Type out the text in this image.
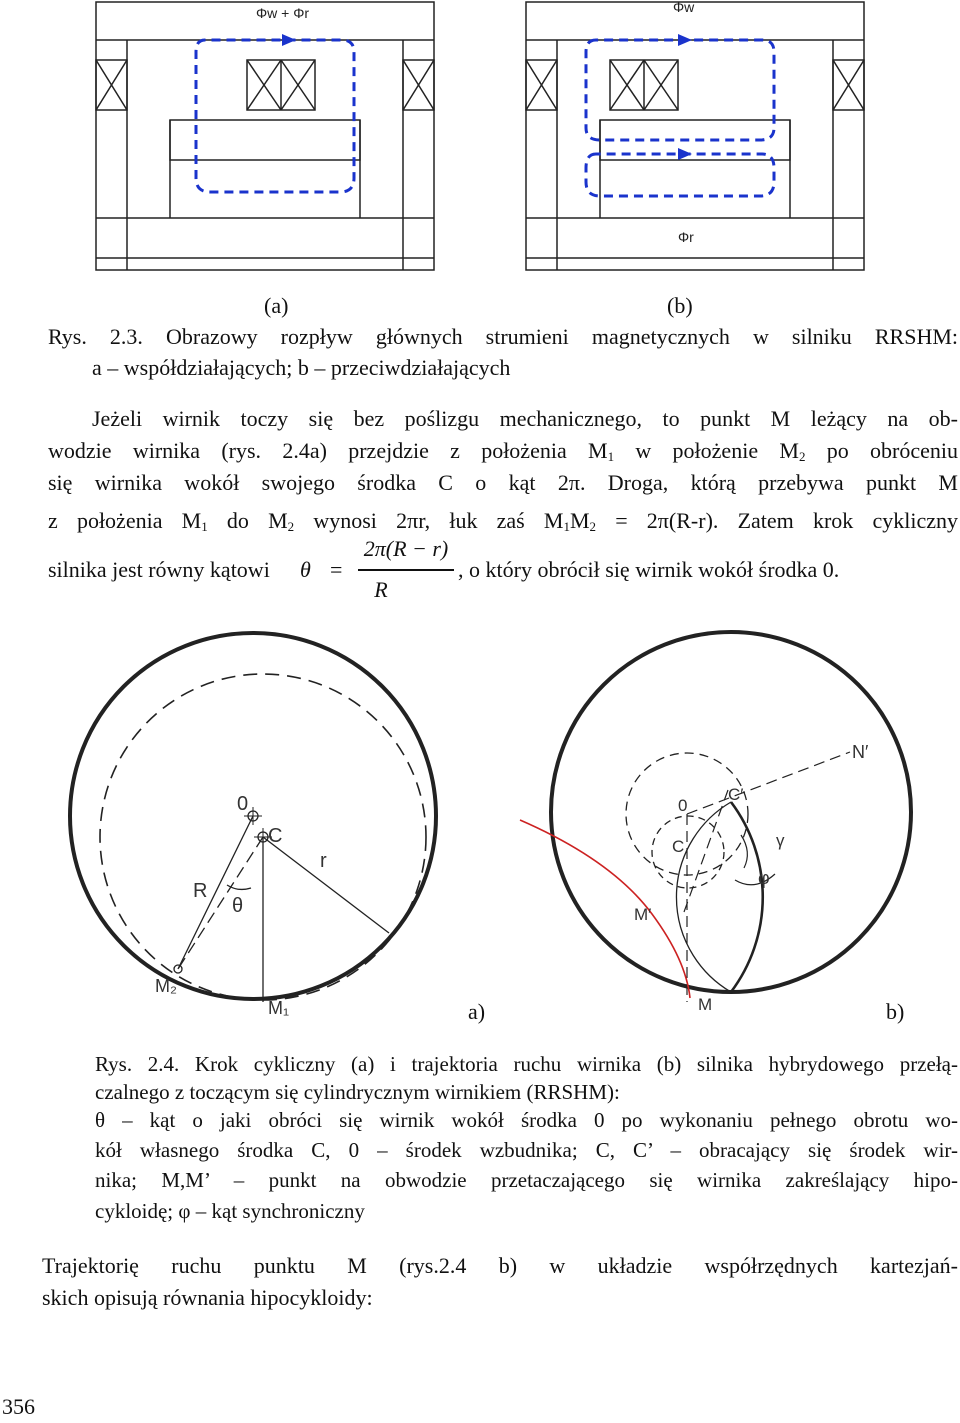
Φw + Φr	Φw
Φr
(a)	(b)
Rys. 2.3. Obrazowy rozpływ głównych strumieni magnetycznych w silniku RRSHM:
a – współdziałających; b – przeciwdziałających
Jeżeli wirnik toczy się bez poślizgu mechanicznego, to punkt M leżący na ob-
wodzie wirnika (rys. 2.4a) przejdzie z położenia $M_1$ w położenie $M_2$ po obróceniu
się wirnika wokół swojego środka C o kąt 2π. Droga, którą przebywa punkt M
z położenia $M_1$ do $M_2$ wynosi 2πr, łuk zaś $M_1M_2 = 2\pi(R-r)$. Zatem krok cykliczny
silnika jest równy kątowi θ =
2π(R − r)
R
, o który obrócił się wirnik wokół środka 0.
0
C
r
R
θ
M₂
M₁
N′
0
C′
C	γ
φ
M′
M
a)	b)
Rys. 2.4. Krok cykliczny (a) i trajektoria ruchu wirnika (b) silnika hybrydowego przełą-
czalnego z toczącym się cylindrycznym wirnikiem (RRSHM):
θ – kąt o jaki obróci się wirnik wokół środka 0 po wykonaniu pełnego obrotu wo-
kół własnego środka C, 0 – środek wzbudnika; C, C’ – obracający się środek wir-
nika; M,M’ – punkt na obwodzie przetaczającego się wirnika zakreślający hipo-
cykloidę; φ – kąt synchroniczny
Trajektorię ruchu punktu M (rys.2.4 b) w układzie współrzędnych kartezjań-
skich opisują równania hipocykloidy:
356
